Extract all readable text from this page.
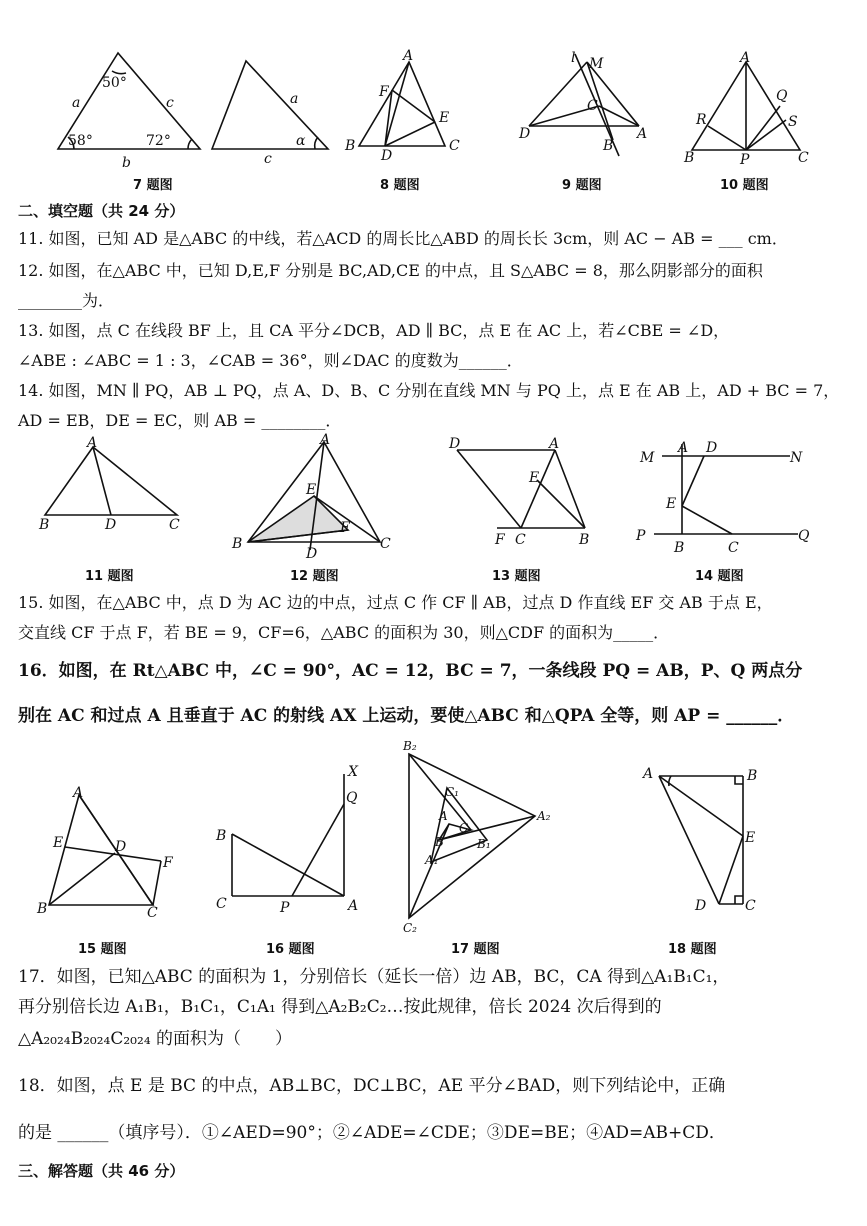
a	c
b
50°
58°	72°
a
c
α
7 题图
A
F
E
B
D
C
8 题图
l M
C
D	A
B
9 题图
A
Q
R	S
B	P	C
10 题图
二、填空题（共 24 分）
11. 如图，已知 AD 是△ABC 的中线，若△ACD 的周长比△ABD 的周长长 3cm，则 AC − AB = ___ cm．
12. 如图，在△ABC 中，已知 D,E,F 分别是 BC,AD,CE 的中点，且 S△ABC = 8，那么阴影部分的面积
________为．
13. 如图，点 C 在线段 BF 上，且 CA 平分∠DCB，AD ∥ BC，点 E 在 AC 上，若∠CBE = ∠D，
∠ABE : ∠ABC = 1 : 3，∠CAB = 36°，则∠DAC 的度数为______．
14. 如图，MN ∥ PQ，AB ⊥ PQ，点 A、D、B、C 分别在直线 MN 与 PQ 上，点 E 在 AB 上，AD + BC = 7，
AD = EB，DE = EC，则 AB = ________．
A
B	D	C
11 题图
A
E
F
B
D
C
12 题图
D	A
E
F C	B
13 题图
M
A D
N
E
P
B	C
Q
14 题图
15. 如图，在△ABC 中，点 D 为 AC 边的中点，过点 C 作 CF ∥ AB，过点 D 作直线 EF 交 AB 于点 E，
交直线 CF 于点 F，若 BE = 9，CF=6，△ABC 的面积为 30，则△CDF 的面积为_____．
16．如图，在 Rt△ABC 中，∠C = 90°，AC = 12，BC = 7，一条线段 PQ = AB，P、Q 两点分
别在 AC 和过点 A 且垂直于 AC 的射线 AX 上运动，要使△ABC 和△QPA 全等，则 AP = ______．
A
E	D
F
B	C
15 题图
X
Q
B
C	P	A
16 题图
B₂
C₁
A
C
B	B₁
A₁
A₂
C₂
17 题图
A	B
E
D	C
18 题图
17．如图，已知△ABC 的面积为 1，分别倍长（延长一倍）边 AB，BC，CA 得到△A₁B₁C₁，
再分别倍长边 A₁B₁，B₁C₁，C₁A₁ 得到△A₂B₂C₂…按此规律，倍长 2024 次后得到的
△A₂₀₂₄B₂₀₂₄C₂₀₂₄ 的面积为（　　）
18．如图，点 E 是 BC 的中点，AB⊥BC，DC⊥BC，AE 平分∠BAD，则下列结论中，正确
的是 ______（填序号）．①∠AED=90°；②∠ADE=∠CDE；③DE=BE；④AD=AB+CD．
三、解答题（共 46 分）
